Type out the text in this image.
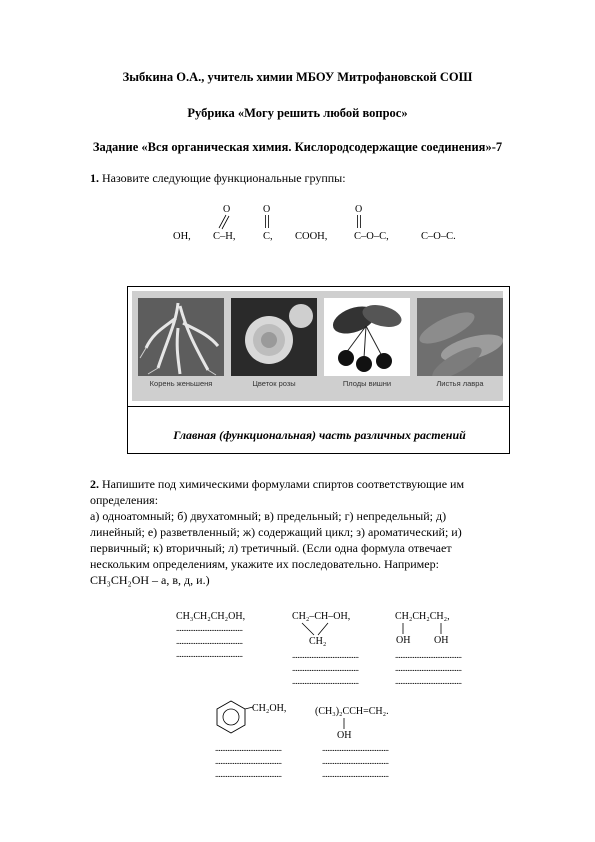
Зыбкина О.А., учитель химии МБОУ Митрофановской СОШ
Рубрика «Могу решить любой вопрос»
Задание «Вся органическая химия. Кислородсодержащие соединения»-7
1. Назовите следующие функциональные группы:
OH,
O
C–H,
O
C, COOH,
O
C–O–C,	C–O–C.
Корень женьшеня	Цветок розы	Плоды вишни	Листья лавра
Главная (функциональная) часть различных растений
2. Напишите под химическими формулами спиртов соответствующие им
определения:
а) одноатомный; б) двухатомный; в) предельный; г) непредельный; д)
линейный; е) разветвленный; ж) содержащий цикл; з) ароматический; и)
первичный; к) вторичный; л) третичный. (Если одна формула отвечает
нескольким определениям, укажите их последовательно. Например:
CH₃CH₂OH – а, в, д, и.)
CH₃CH₂CH₂OH,
......................................
......................................
......................................
CH₂–CH–OH,
CH₂
......................................
......................................
......................................
CH₂CH₂CH₂,
OH OH
......................................
......................................
......................................
CH₂OH,
......................................
......................................
......................................
(CH₃)₂CCH=CH₂.
OH
......................................
......................................
......................................
